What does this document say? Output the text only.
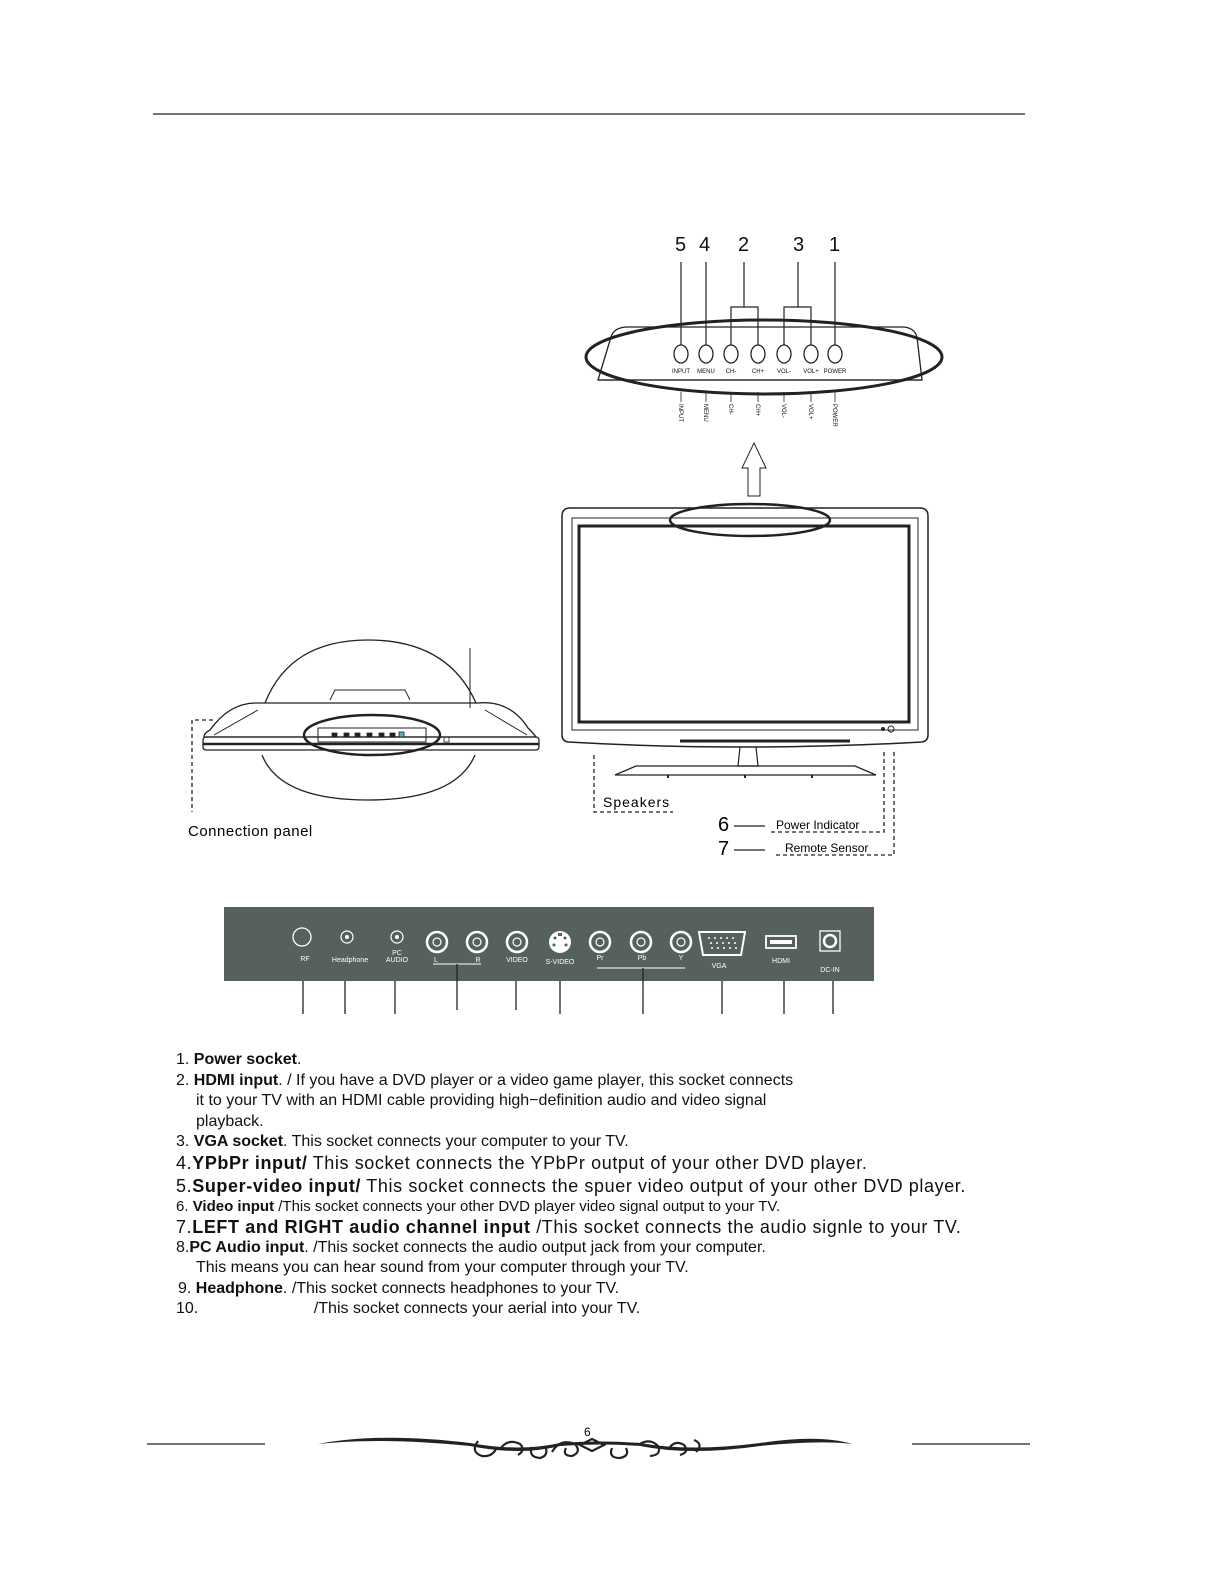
5 4 2 3 1
INPUT MENU CH-	CH+ VOL- VOL+ POWER
INPUT	MENU	CH-	CH+	VOL-	VOL+	POWER
Speakers
6	Power Indicator
7	Remote Sensor
Connection panel
RF	Headphone
PC
AUDIO	L	R	VIDEO	S-VIDEO
Pr	Pb	Y
VGA
HDMI
DC-IN
1. Power socket.
2. HDMI input. / If you have a DVD player or a video game player, this socket connects
it to your TV with an HDMI cable providing high−definition audio and video signal
playback.
3. VGA socket. This socket connects your computer to your TV.
4.YPbPr input/ This socket connects the YPbPr output of your other DVD player.
5.Super-video input/ This socket connects the spuer video output of your other DVD player.
6. Video input /This socket connects your other DVD player video signal output to your TV.
7.LEFT and RIGHT audio channel input /This socket connects the audio signle to your TV.
8.PC Audio input. /This socket connects the audio output jack from your computer.
This means you can hear sound from your computer through your TV.
9. Headphone. /This socket connects headphones to your TV.
10.                          /This socket connects your aerial into your TV.
6
